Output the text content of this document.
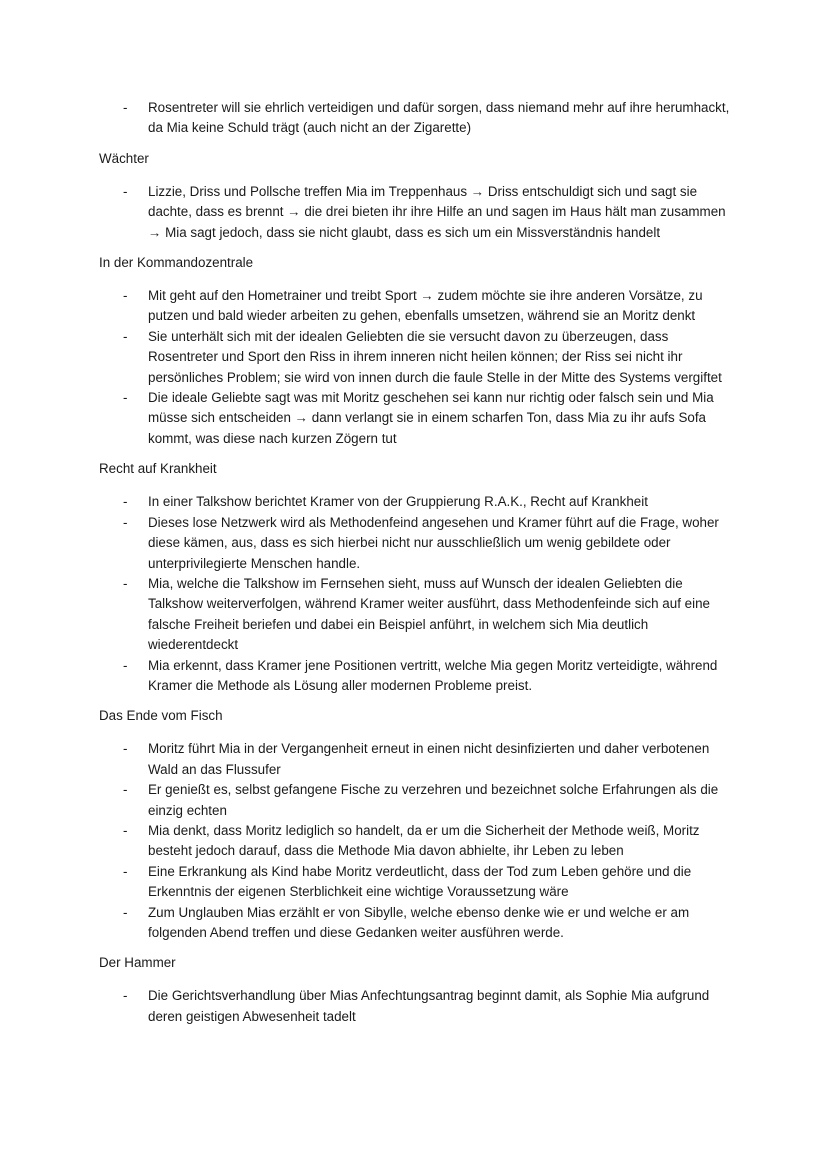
- Rosentreter will sie ehrlich verteidigen und dafür sorgen, dass niemand mehr auf ihre herumhackt, da Mia keine Schuld trägt (auch nicht an der Zigarette)

Wächter

- Lizzie, Driss und Pollsche treffen Mia im Treppenhaus → Driss entschuldigt sich und sagt sie dachte, dass es brennt → die drei bieten ihr ihre Hilfe an und sagen im Haus hält man zusammen → Mia sagt jedoch, dass sie nicht glaubt, dass es sich um ein Missverständnis handelt

In der Kommandozentrale

- Mit geht auf den Hometrainer und treibt Sport → zudem möchte sie ihre anderen Vorsätze, zu putzen und bald wieder arbeiten zu gehen, ebenfalls umsetzen, während sie an Moritz denkt
- Sie unterhält sich mit der idealen Geliebten die sie versucht davon zu überzeugen, dass Rosentreter und Sport den Riss in ihrem inneren nicht heilen können; der Riss sei nicht ihr persönliches Problem; sie wird von innen durch die faule Stelle in der Mitte des Systems vergiftet
- Die ideale Geliebte sagt was mit Moritz geschehen sei kann nur richtig oder falsch sein und Mia müsse sich entscheiden → dann verlangt sie in einem scharfen Ton, dass Mia zu ihr aufs Sofa kommt, was diese nach kurzen Zögern tut

Recht auf Krankheit

- In einer Talkshow berichtet Kramer von der Gruppierung R.A.K., Recht auf Krankheit
- Dieses lose Netzwerk wird als Methodenfeind angesehen und Kramer führt auf die Frage, woher diese kämen, aus, dass es sich hierbei nicht nur ausschließlich um wenig gebildete oder unterprivilegierte Menschen handle.
- Mia, welche die Talkshow im Fernsehen sieht, muss auf Wunsch der idealen Geliebten die Talkshow weiterverfolgen, während Kramer weiter ausführt, dass Methodenfeinde sich auf eine falsche Freiheit beriefen und dabei ein Beispiel anführt, in welchem sich Mia deutlich wiederentdeckt
- Mia erkennt, dass Kramer jene Positionen vertritt, welche Mia gegen Moritz verteidigte, während Kramer die Methode als Lösung aller modernen Probleme preist.

Das Ende vom Fisch

- Moritz führt Mia in der Vergangenheit erneut in einen nicht desinfizierten und daher verbotenen Wald an das Flussufer
- Er genießt es, selbst gefangene Fische zu verzehren und bezeichnet solche Erfahrungen als die einzig echten
- Mia denkt, dass Moritz lediglich so handelt, da er um die Sicherheit der Methode weiß, Moritz besteht jedoch darauf, dass die Methode Mia davon abhielte, ihr Leben zu leben
- Eine Erkrankung als Kind habe Moritz verdeutlicht, dass der Tod zum Leben gehöre und die Erkenntnis der eigenen Sterblichkeit eine wichtige Voraussetzung wäre
- Zum Unglauben Mias erzählt er von Sibylle, welche ebenso denke wie er und welche er am folgenden Abend treffen und diese Gedanken weiter ausführen werde.

Der Hammer

- Die Gerichtsverhandlung über Mias Anfechtungsantrag beginnt damit, als Sophie Mia aufgrund deren geistigen Abwesenheit tadelt
